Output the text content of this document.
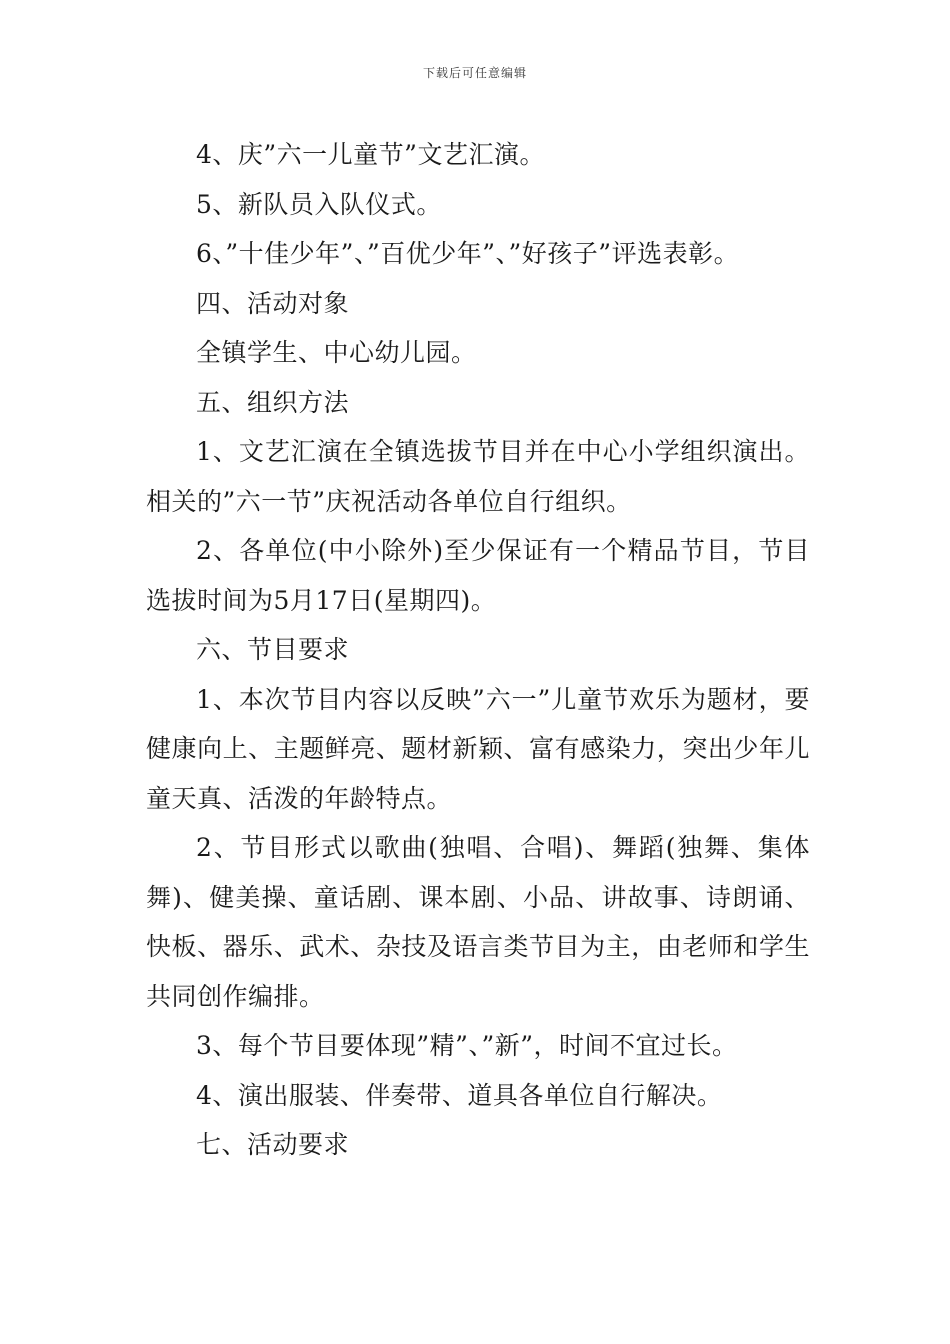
下载后可任意编辑

4、庆”六一儿童节”文艺汇演。

5、新队员入队仪式。

6、”十佳少年”、”百优少年”、”好孩子”评选表彰。

四、活动对象

全镇学生、中心幼儿园。

五、组织方法

1、文艺汇演在全镇选拔节目并在中心小学组织演出。相关的”六一节”庆祝活动各单位自行组织。

2、各单位(中小除外)至少保证有一个精品节目，节目选拔时间为5月17日(星期四)。

六、节目要求

1、本次节目内容以反映”六一”儿童节欢乐为题材，要健康向上、主题鲜亮、题材新颖、富有感染力，突出少年儿童天真、活泼的年龄特点。

2、节目形式以歌曲(独唱、合唱)、舞蹈(独舞、集体舞)、健美操、童话剧、课本剧、小品、讲故事、诗朗诵、快板、器乐、武术、杂技及语言类节目为主，由老师和学生共同创作编排。

3、每个节目要体现”精”、”新”，时间不宜过长。

4、演出服装、伴奏带、道具各单位自行解决。

七、活动要求
